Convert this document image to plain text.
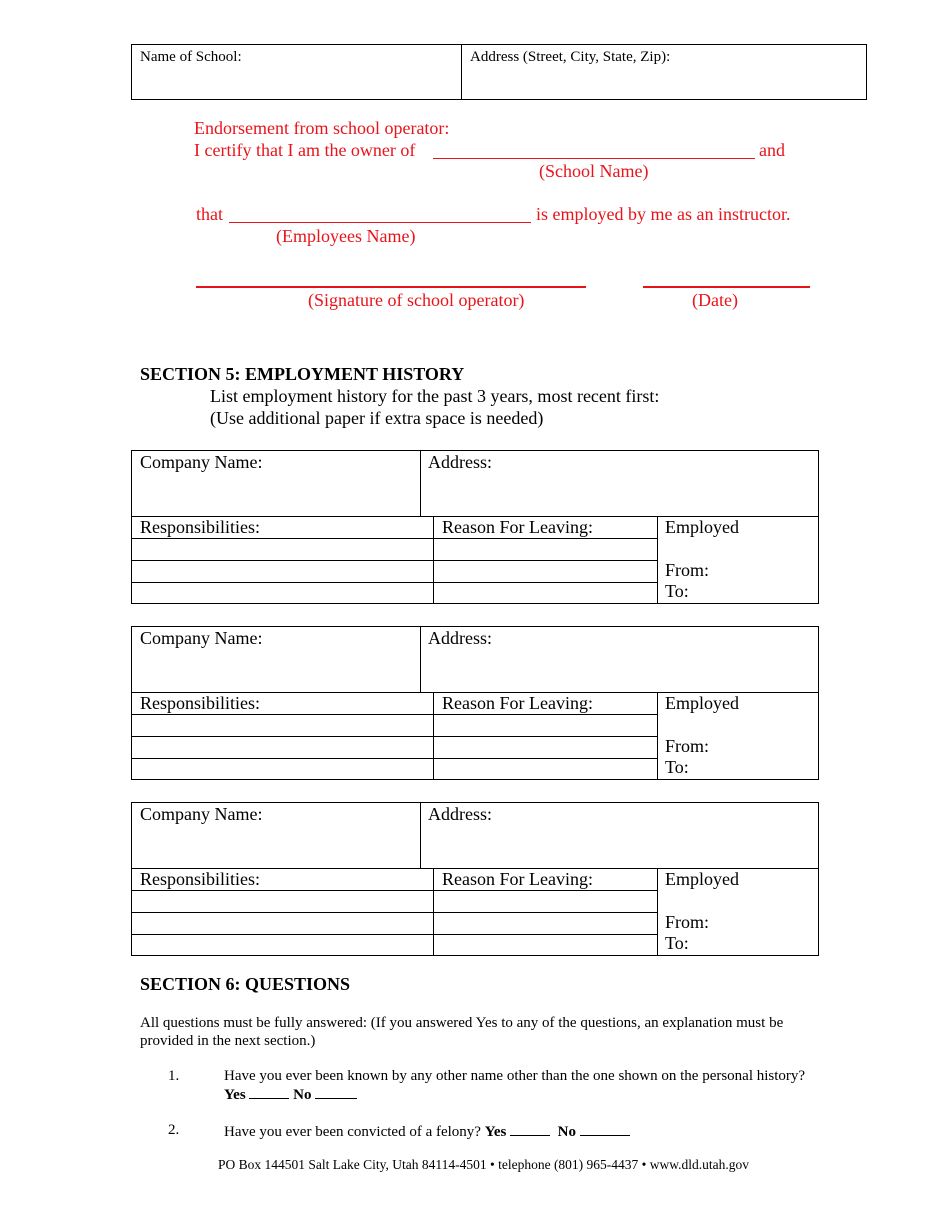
Name of School:	Address (Street, City, State, Zip):
Endorsement from school operator:
I certify that I am the owner of	and
(School Name)
that	is employed by me as an instructor.
(Employees Name)
(Signature of school operator)	(Date)
SECTION 5: EMPLOYMENT HISTORY
List employment history for the past 3 years, most recent first:
(Use additional paper if extra space is needed)
Company Name:	Address:
Responsibilities:	Reason For Leaving:	Employed
From:
To:
Company Name:	Address:
Responsibilities:	Reason For Leaving:	Employed
From:
To:
Company Name:	Address:
Responsibilities:	Reason For Leaving:	Employed
From:
To:
SECTION 6: QUESTIONS
All questions must be fully answered: (If you answered Yes to any of the questions, an explanation must be provided in the next section.)
1.	Have you ever been known by any other name other than the one shown on the personal history?
Yes	No
2.	Have you ever been convicted of a felony? Yes	No
PO Box 144501 Salt Lake City, Utah 84114-4501 • telephone (801) 965-4437 • www.dld.utah.gov
